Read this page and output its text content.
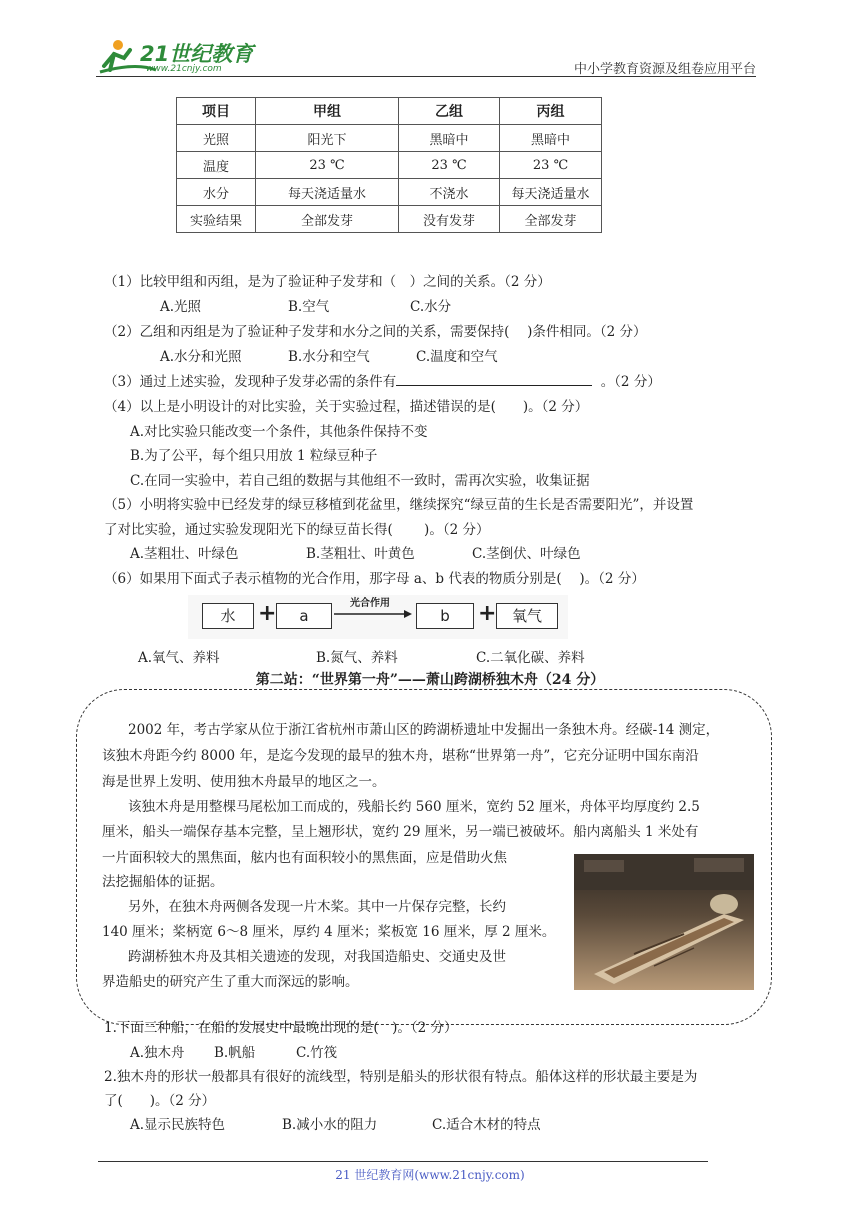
21世纪教育
www.21cnjy.com	中小学教育资源及组卷应用平台
项目	甲组	乙组	丙组
光照	阳光下	黑暗中	黑暗中
温度	23 ℃	23 ℃	23 ℃
水分	每天浇适量水	不浇水	每天浇适量水
实验结果	全部发芽	没有发芽	全部发芽
（1）比较甲组和丙组，是为了验证种子发芽和（　）之间的关系。（2 分）
A.光照	B.空气	C.水分
（2）乙组和丙组是为了验证种子发芽和水分之间的关系，需要保持(　 )条件相同。（2 分）
A.水分和光照	B.水分和空气	C.温度和空气
（3）通过上述实验，发现种子发芽必需的条件有	。（2 分）
（4）以上是小明设计的对比实验，关于实验过程，描述错误的是(　　)。（2 分）
A.对比实验只能改变一个条件，其他条件保持不变
B.为了公平，每个组只用放 1 粒绿豆种子
C.在同一实验中，若自己组的数据与其他组不一致时，需再次实验，收集证据
（5）小明将实验中已经发芽的绿豆移植到花盆里，继续探究“绿豆苗的生长是否需要阳光”，并设置
了对比实验，通过实验发现阳光下的绿豆苗长得(　　 )。（2 分）
A.茎粗壮、叶绿色	B.茎粗壮、叶黄色	C.茎倒伏、叶绿色
（6）如果用下面式子表示植物的光合作用，那字母 a、b 代表的物质分别是(　 )。（2 分）
水	+	a
光合作用
b	+	氧气
A.氧气、养料	B.氮气、养料	C.二氧化碳、养料
第二站：“世界第一舟”——萧山跨湖桥独木舟（24 分）
2002 年，考古学家从位于浙江省杭州市萧山区的跨湖桥遗址中发掘出一条独木舟。经碳-14 测定，
该独木舟距今约 8000 年，是迄今发现的最早的独木舟，堪称“世界第一舟”，它充分证明中国东南沿
海是世界上发明、使用独木舟最早的地区之一。
该独木舟是用整棵马尾松加工而成的，残船长约 560 厘米，宽约 52 厘米，舟体平均厚度约 2.5
厘米，船头一端保存基本完整，呈上翘形状，宽约 29 厘米，另一端已被破坏。船内离船头 1 米处有
一片面积较大的黑焦面，舷内也有面积较小的黑焦面，应是借助火焦
法挖掘船体的证据。
另外，在独木舟两侧各发现一片木桨。其中一片保存完整，长约
140 厘米；桨柄宽 6～8 厘米，厚约 4 厘米；桨板宽 16 厘米，厚 2 厘米。
跨湖桥独木舟及其相关遗迹的发现，对我国造船史、交通史及世
界造船史的研究产生了重大而深远的影响。
1.下面三种船，在船的发展史中最晚出现的是(　)。（2 分）
A.独木舟 B.帆船	C.竹筏
2.独木舟的形状一般都具有很好的流线型，特别是船头的形状很有特点。船体这样的形状最主要是为
了(　　)。（2 分）
A.显示民族特色	B.减小水的阻力	C.适合木材的特点
21 世纪教育网(www.21cnjy.com)
